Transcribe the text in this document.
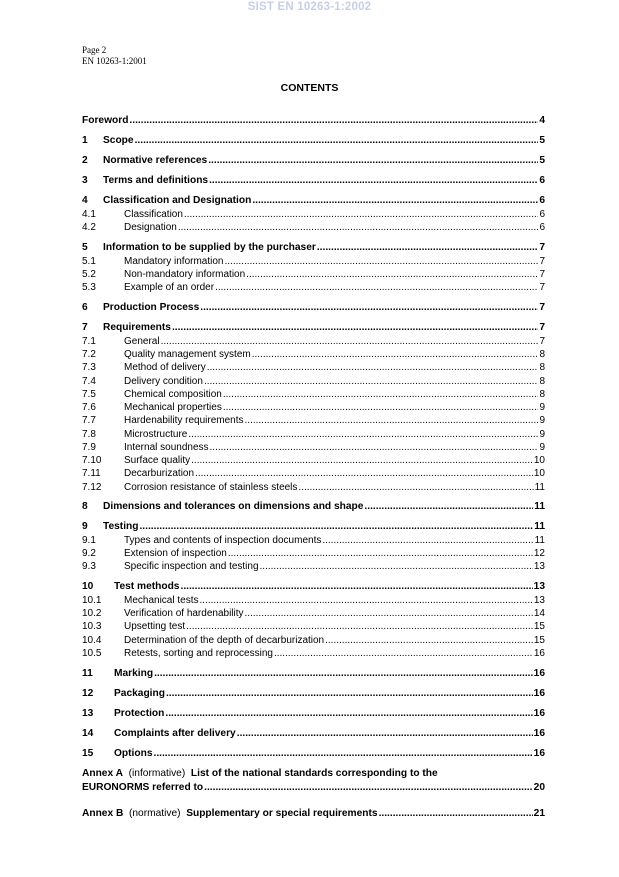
SIST EN 10263-1:2002
Page 2
EN 10263-1:2001
CONTENTS
Foreword .....	4
1	Scope .....	5
2	Normative references .....	5
3	Terms and definitions .....	6
4	Classification and Designation .....	6
4.1	Classification .....	6
4.2	Designation .....	6
5	Information to be supplied by the purchaser .....	7
5.1	Mandatory information .....	7
5.2	Non-mandatory information .....	7
5.3	Example of an order .....	7
6	Production Process .....	7
7	Requirements .....	7
7.1	General .....	7
7.2	Quality management system .....	8
7.3	Method of delivery .....	8
7.4	Delivery condition .....	8
7.5	Chemical composition .....	8
7.6	Mechanical properties .....	9
7.7	Hardenability requirements .....	9
7.8	Microstructure .....	9
7.9	Internal soundness .....	9
7.10	Surface quality .....	10
7.11	Decarburization .....	10
7.12	Corrosion resistance of stainless steels .....	11
8	Dimensions and tolerances on dimensions and shape .....	11
9	Testing .....	11
9.1	Types and contents of inspection documents .....	11
9.2	Extension of inspection .....	12
9.3	Specific inspection and testing .....	13
10	Test methods .....	13
10.1	Mechanical tests .....	13
10.2	Verification of hardenability .....	14
10.3	Upsetting test .....	15
10.4	Determination of the depth of decarburization .....	15
10.5	Retests, sorting and reprocessing .....	16
11	Marking .....	16
12	Packaging .....	16
13	Protection .....	16
14	Complaints after delivery .....	16
15	Options .....	16
Annex A (informative) List of the national standards corresponding to the
EURONORMS referred to .....	20
Annex B (normative) Supplementary or special requirements .....	21
